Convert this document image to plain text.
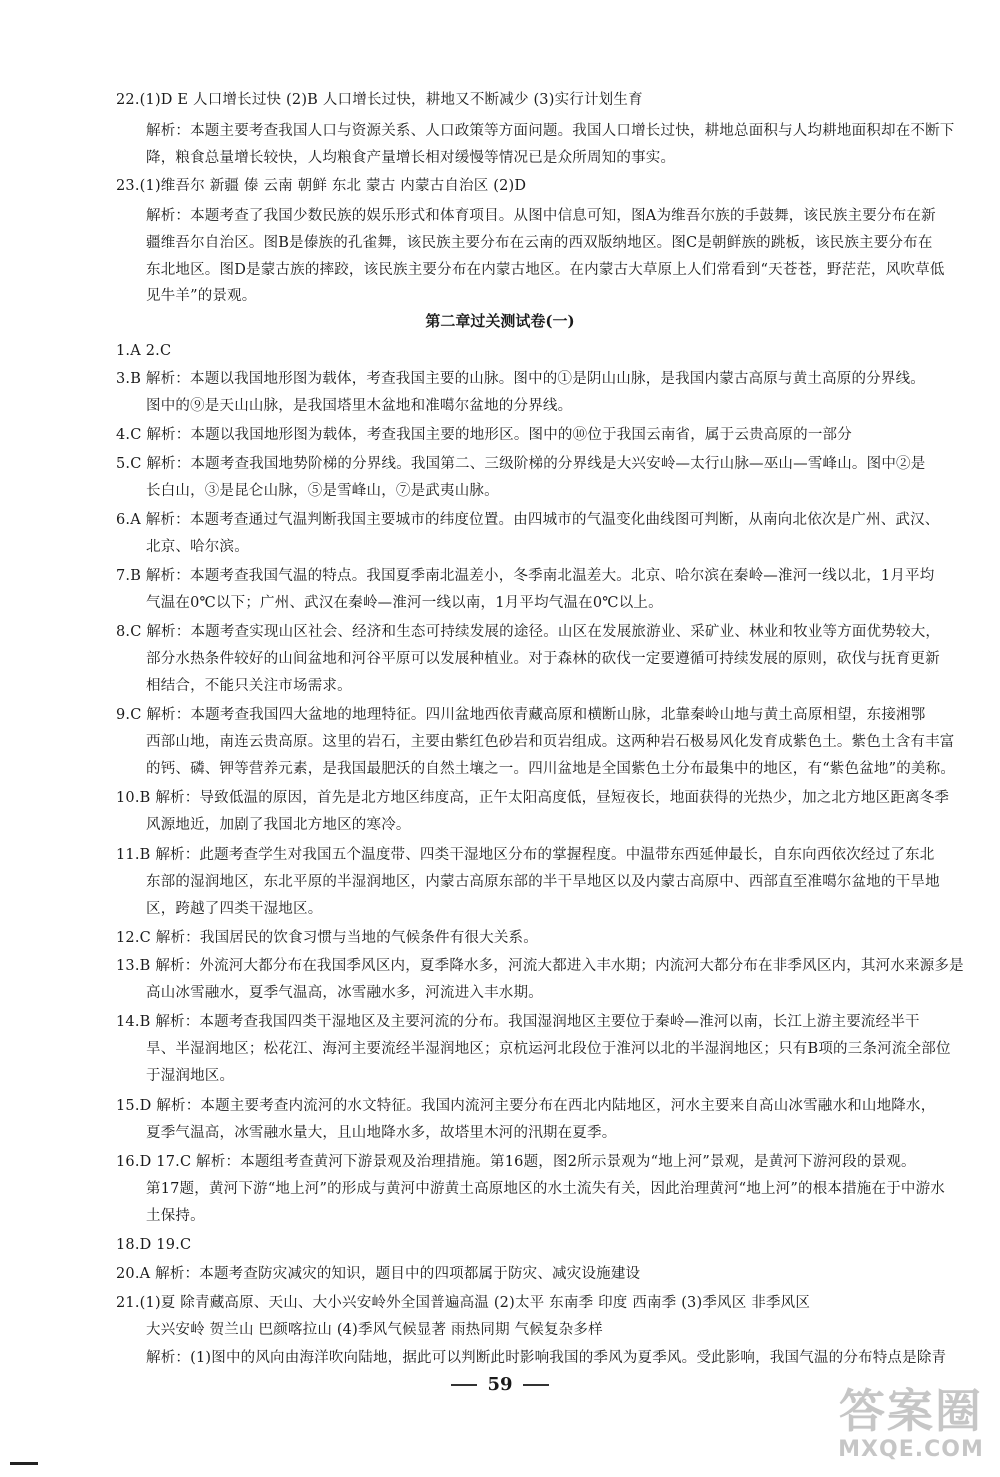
22.(1)D E 人口增长过快 (2)B 人口增长过快，耕地又不断减少 (3)实行计划生育
解析：本题主要考查我国人口与资源关系、人口政策等方面问题。我国人口增长过快，耕地总面积与人均耕地面积却在不断下
降，粮食总量增长较快，人均粮食产量增长相对缓慢等情况已是众所周知的事实。
23.(1)维吾尔 新疆 傣 云南 朝鲜 东北 蒙古 内蒙古自治区 (2)D
解析：本题考查了我国少数民族的娱乐形式和体育项目。从图中信息可知，图A为维吾尔族的手鼓舞，该民族主要分布在新
疆维吾尔自治区。图B是傣族的孔雀舞，该民族主要分布在云南的西双版纳地区。图C是朝鲜族的跳板，该民族主要分布在
东北地区。图D是蒙古族的摔跤，该民族主要分布在内蒙古地区。在内蒙古大草原上人们常看到“天苍苍，野茫茫，风吹草低
见牛羊”的景观。
第二章过关测试卷(一)
1.A 2.C
3.B 解析：本题以我国地形图为载体，考查我国主要的山脉。图中的①是阴山山脉，是我国内蒙古高原与黄土高原的分界线。
图中的⑨是天山山脉，是我国塔里木盆地和准噶尔盆地的分界线。
4.C 解析：本题以我国地形图为载体，考查我国主要的地形区。图中的⑩位于我国云南省，属于云贵高原的一部分
5.C 解析：本题考查我国地势阶梯的分界线。我国第二、三级阶梯的分界线是大兴安岭—太行山脉—巫山—雪峰山。图中②是
长白山，③是昆仑山脉，⑤是雪峰山，⑦是武夷山脉。
6.A 解析：本题考查通过气温判断我国主要城市的纬度位置。由四城市的气温变化曲线图可判断，从南向北依次是广州、武汉、
北京、哈尔滨。
7.B 解析：本题考查我国气温的特点。我国夏季南北温差小，冬季南北温差大。北京、哈尔滨在秦岭—淮河一线以北，1月平均
气温在0℃以下；广州、武汉在秦岭—淮河一线以南，1月平均气温在0℃以上。
8.C 解析：本题考查实现山区社会、经济和生态可持续发展的途径。山区在发展旅游业、采矿业、林业和牧业等方面优势较大，
部分水热条件较好的山间盆地和河谷平原可以发展种植业。对于森林的砍伐一定要遵循可持续发展的原则，砍伐与抚育更新
相结合，不能只关注市场需求。
9.C 解析：本题考查我国四大盆地的地理特征。四川盆地西依青藏高原和横断山脉，北靠秦岭山地与黄土高原相望，东接湘鄂
西部山地，南连云贵高原。这里的岩石，主要由紫红色砂岩和页岩组成。这两种岩石极易风化发育成紫色土。紫色土含有丰富
的钙、磷、钾等营养元素，是我国最肥沃的自然土壤之一。四川盆地是全国紫色土分布最集中的地区，有“紫色盆地”的美称。
10.B 解析：导致低温的原因，首先是北方地区纬度高，正午太阳高度低，昼短夜长，地面获得的光热少，加之北方地区距离冬季
风源地近，加剧了我国北方地区的寒冷。
11.B 解析：此题考查学生对我国五个温度带、四类干湿地区分布的掌握程度。中温带东西延伸最长，自东向西依次经过了东北
东部的湿润地区，东北平原的半湿润地区，内蒙古高原东部的半干旱地区以及内蒙古高原中、西部直至准噶尔盆地的干旱地
区，跨越了四类干湿地区。
12.C 解析：我国居民的饮食习惯与当地的气候条件有很大关系。
13.B 解析：外流河大都分布在我国季风区内，夏季降水多，河流大都进入丰水期；内流河大都分布在非季风区内，其河水来源多是
高山冰雪融水，夏季气温高，冰雪融水多，河流进入丰水期。
14.B 解析：本题考查我国四类干湿地区及主要河流的分布。我国湿润地区主要位于秦岭—淮河以南，长江上游主要流经半干
旱、半湿润地区；松花江、海河主要流经半湿润地区；京杭运河北段位于淮河以北的半湿润地区；只有B项的三条河流全部位
于湿润地区。
15.D 解析：本题主要考查内流河的水文特征。我国内流河主要分布在西北内陆地区，河水主要来自高山冰雪融水和山地降水，
夏季气温高，冰雪融水量大，且山地降水多，故塔里木河的汛期在夏季。
16.D 17.C 解析：本题组考查黄河下游景观及治理措施。第16题，图2所示景观为“地上河”景观，是黄河下游河段的景观。
第17题，黄河下游“地上河”的形成与黄河中游黄土高原地区的水土流失有关，因此治理黄河“地上河”的根本措施在于中游水
土保持。
18.D 19.C
20.A 解析：本题考查防灾减灾的知识，题目中的四项都属于防灾、减灾设施建设
21.(1)夏 除青藏高原、天山、大小兴安岭外全国普遍高温 (2)太平 东南季 印度 西南季 (3)季风区 非季风区
大兴安岭 贺兰山 巴颜喀拉山 (4)季风气候显著 雨热同期 气候复杂多样
解析：(1)图中的风向由海洋吹向陆地，据此可以判断此时影响我国的季风为夏季风。受此影响，我国气温的分布特点是除青
59	答案圈
MXQE.COM
